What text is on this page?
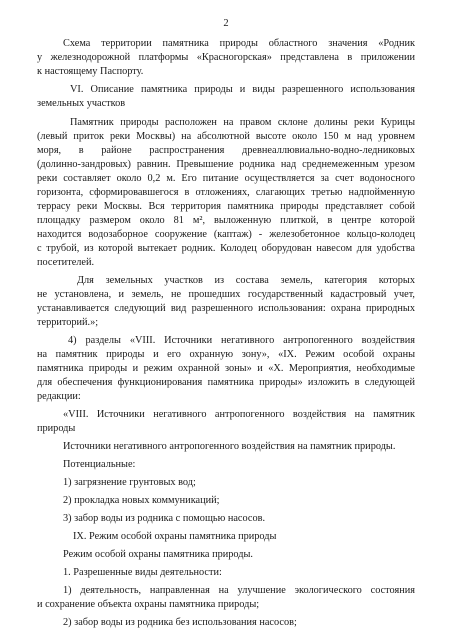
2
Схема территории памятника природы областного значения «Родник
у железнодорожной платформы «Красногорская» представлена в приложении
к настоящему Паспорту.
VI. Описание памятника природы и виды разрешенного использования
земельных участков
Памятник природы расположен на правом склоне долины реки Курицы
(левый приток реки Москвы) на абсолютной высоте около 150 м над уровнем
моря, в районе распространения древнеаллювиально-водно-ледниковых
(долинно-зандровых) равнин. Превышение родника над среднемеженным урезом
реки составляет около 0,2 м. Его питание осуществляется за счет водоносного
горизонта, сформировавшегося в отложениях, слагающих третью надпойменную
террасу реки Москвы. Вся территория памятника природы представляет собой
площадку размером около 81 м², выложенную плиткой, в центре которой
находится водозаборное сооружение (каптаж) - железобетонное кольцо-колодец
с трубой, из которой вытекает родник. Колодец оборудован навесом для удобства
посетителей.
Для земельных участков из состава земель, категория которых
не установлена, и земель, не прошедших государственный кадастровый учет,
устанавливается следующий вид разрешенного использования: охрана природных
территорий.»;
4) разделы «VIII. Источники негативного антропогенного воздействия
на памятник природы и его охранную зону», «IX. Режим особой охраны
памятника природы и режим охранной зоны» и «X. Мероприятия, необходимые
для обеспечения функционирования памятника природы» изложить в следующей
редакции:
«VIII. Источники негативного антропогенного воздействия на памятник
природы
Источники негативного антропогенного воздействия на памятник природы.
Потенциальные:
1) загрязнение грунтовых вод;
2) прокладка новых коммуникаций;
3) забор воды из родника с помощью насосов.
IX. Режим особой охраны памятника природы
Режим особой охраны памятника природы.
1. Разрешенные виды деятельности:
1) деятельность, направленная на улучшение экологического состояния
и сохранение объекта охраны памятника природы;
2) забор воды из родника без использования насосов;
